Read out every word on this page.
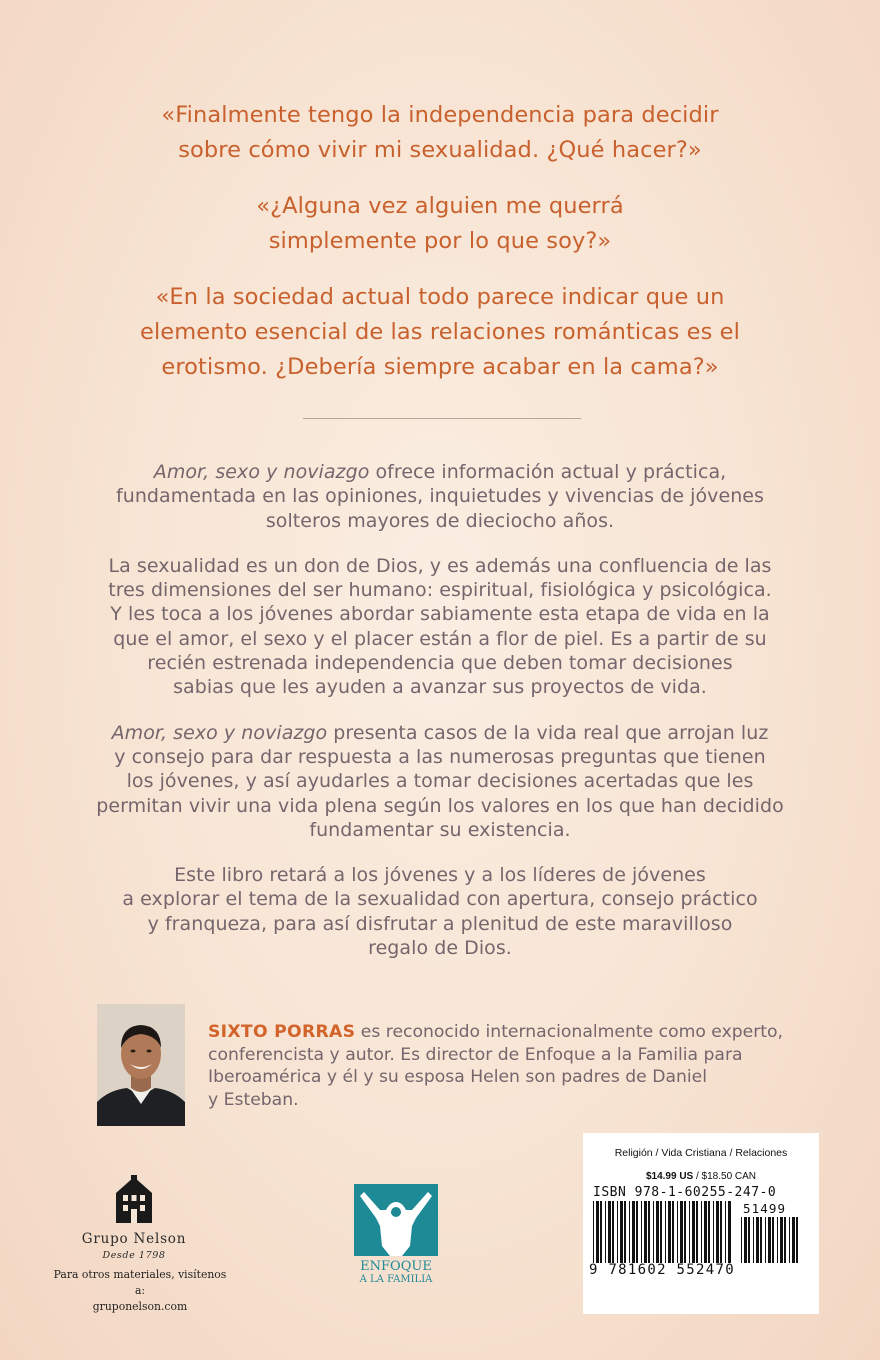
«Finalmente tengo la independencia para decidir
sobre cómo vivir mi sexualidad. ¿Qué hacer?»

«¿Alguna vez alguien me querrá
simplemente por lo que soy?»

«En la sociedad actual todo parece indicar que un
elemento esencial de las relaciones románticas es el
erotismo. ¿Debería siempre acabar en la cama?»

Amor, sexo y noviazgo ofrece información actual y práctica,
fundamentada en las opiniones, inquietudes y vivencias de jóvenes
solteros mayores de dieciocho años.

La sexualidad es un don de Dios, y es además una confluencia de las
tres dimensiones del ser humano: espiritual, fisiológica y psicológica.
Y les toca a los jóvenes abordar sabiamente esta etapa de vida en la
que el amor, el sexo y el placer están a flor de piel. Es a partir de su
recién estrenada independencia que deben tomar decisiones
sabias que les ayuden a avanzar sus proyectos de vida.

Amor, sexo y noviazgo presenta casos de la vida real que arrojan luz
y consejo para dar respuesta a las numerosas preguntas que tienen
los jóvenes, y así ayudarles a tomar decisiones acertadas que les
permitan vivir una vida plena según los valores en los que han decidido
fundamentar su existencia.

Este libro retará a los jóvenes y a los líderes de jóvenes
a explorar el tema de la sexualidad con apertura, consejo práctico
y franqueza, para así disfrutar a plenitud de este maravilloso
regalo de Dios.

SIXTO PORRAS es reconocido internacionalmente como experto,
conferencista y autor. Es director de Enfoque a la Familia para
Iberoamérica y él y su esposa Helen son padres de Daniel
y Esteban.
Grupo Nelson
Desde 1798
Para otros materiales, visítenos a:
gruponelson.com
ENFOQUE
A LA FAMILIA
Religión / Vida Cristiana / Relaciones
$14.99 US / $18.50 CAN
ISBN 978-1-60255-247-0
51499
9 781602 552470
